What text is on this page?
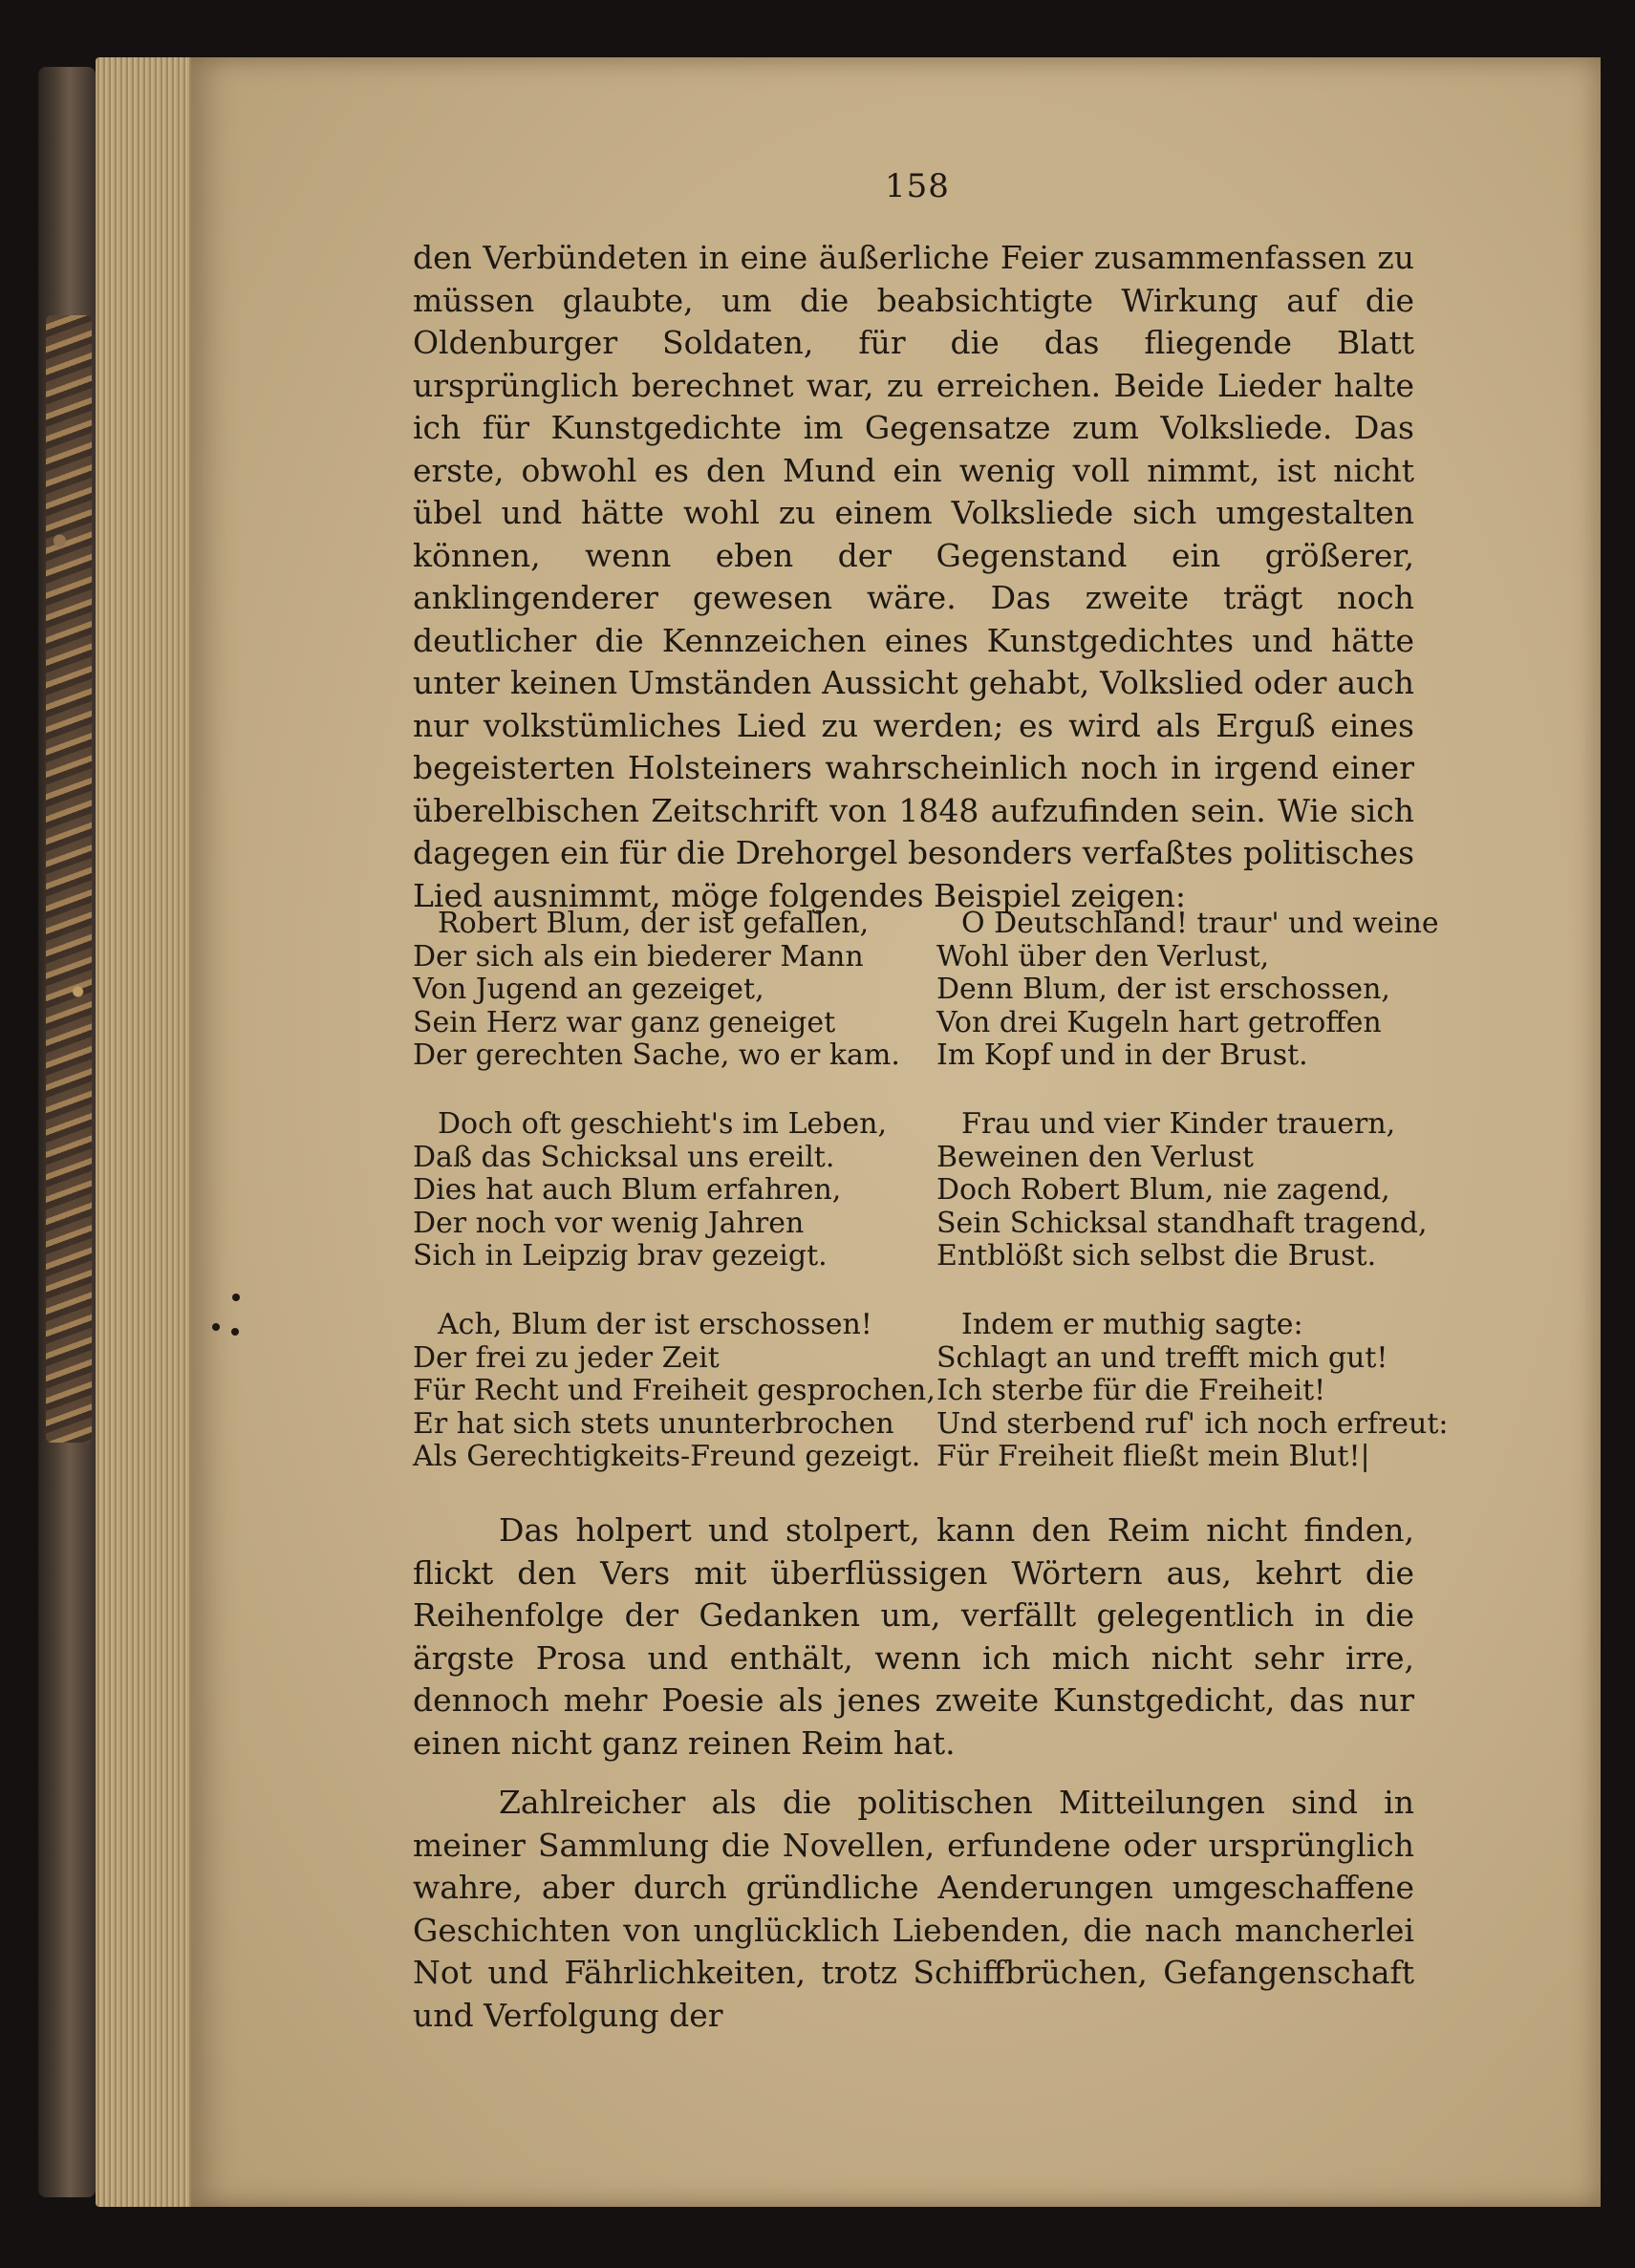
158

den Verbündeten in eine äußerliche Feier zusammenfassen zu müssen glaubte, um die beabsichtigte Wirkung auf die Oldenburger Soldaten, für die das fliegende Blatt ursprünglich berechnet war, zu erreichen. Beide Lieder halte ich für Kunstgedichte im Gegensatze zum Volksliede. Das erste, obwohl es den Mund ein wenig voll nimmt, ist nicht übel und hätte wohl zu einem Volksliede sich umgestalten können, wenn eben der Gegenstand ein größerer, anklingenderer gewesen wäre. Das zweite trägt noch deutlicher die Kennzeichen eines Kunstgedichtes und hätte unter keinen Umständen Aussicht gehabt, Volkslied oder auch nur volkstümliches Lied zu werden; es wird als Erguß eines begeisterten Holsteiners wahrscheinlich noch in irgend einer überelbischen Zeitschrift von 1848 aufzufinden sein. Wie sich dagegen ein für die Drehorgel besonders verfaßtes politisches Lied ausnimmt, möge folgendes Beispiel zeigen:

Robert Blum, der ist gefallen,
Der sich als ein biederer Mann
Von Jugend an gezeiget,
Sein Herz war ganz geneiget
Der gerechten Sache, wo er kam.
O Deutschland! traur' und weine
Wohl über den Verlust,
Denn Blum, der ist erschossen,
Von drei Kugeln hart getroffen
Im Kopf und in der Brust.
Doch oft geschieht's im Leben,
Daß das Schicksal uns ereilt.
Dies hat auch Blum erfahren,
Der noch vor wenig Jahren
Sich in Leipzig brav gezeigt.
Frau und vier Kinder trauern,
Beweinen den Verlust
Doch Robert Blum, nie zagend,
Sein Schicksal standhaft tragend,
Entblößt sich selbst die Brust.
Ach, Blum der ist erschossen!
Der frei zu jeder Zeit
Für Recht und Freiheit gesprochen,
Er hat sich stets ununterbrochen
Als Gerechtigkeits-Freund gezeigt.
Indem er muthig sagte:
Schlagt an und trefft mich gut!
Ich sterbe für die Freiheit!
Und sterbend ruf' ich noch erfreut:
Für Freiheit fließt mein Blut!|

Das holpert und stolpert, kann den Reim nicht finden, flickt den Vers mit überflüssigen Wörtern aus, kehrt die Reihenfolge der Gedanken um, verfällt gelegentlich in die ärgste Prosa und enthält, wenn ich mich nicht sehr irre, dennoch mehr Poesie als jenes zweite Kunstgedicht, das nur einen nicht ganz reinen Reim hat.

Zahlreicher als die politischen Mitteilungen sind in meiner Sammlung die Novellen, erfundene oder ursprünglich wahre, aber durch gründliche Aenderungen umgeschaffene Geschichten von unglücklich Liebenden, die nach mancherlei Not und Fährlichkeiten, trotz Schiffbrüchen, Gefangenschaft und Verfolgung der
